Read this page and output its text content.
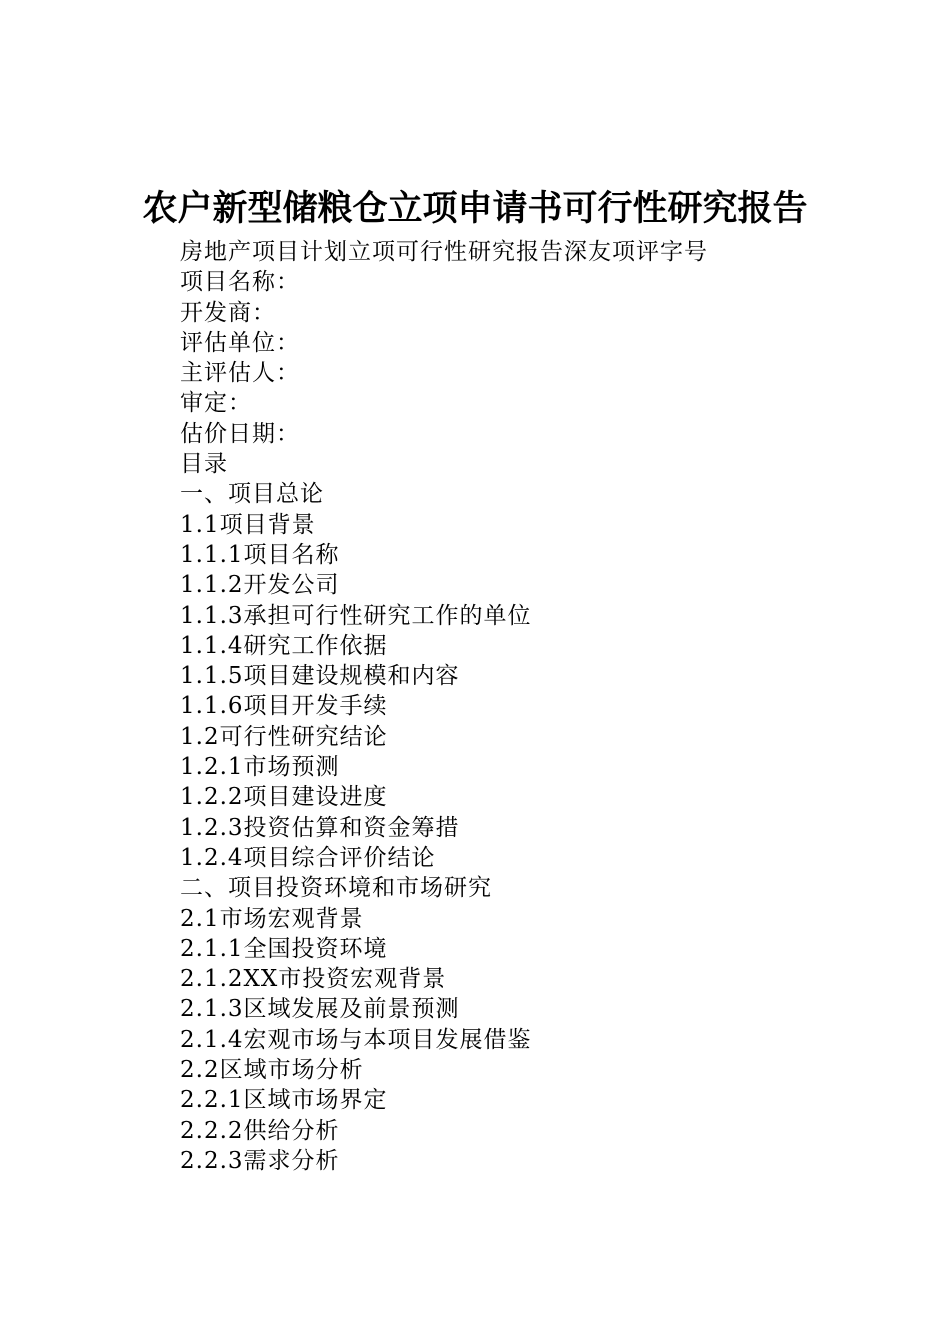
农户新型储粮仓立项申请书可行性研究报告
房地产项目计划立项可行性研究报告深友项评字号
项目名称：
开发商：
评估单位：
主评估人：
审定：
估价日期：
目录
一、项目总论
1.1项目背景
1.1.1项目名称
1.1.2开发公司
1.1.3承担可行性研究工作的单位
1.1.4研究工作依据
1.1.5项目建设规模和内容
1.1.6项目开发手续
1.2可行性研究结论
1.2.1市场预测
1.2.2项目建设进度
1.2.3投资估算和资金筹措
1.2.4项目综合评价结论
二、项目投资环境和市场研究
2.1市场宏观背景
2.1.1全国投资环境
2.1.2XX市投资宏观背景
2.1.3区域发展及前景预测
2.1.4宏观市场与本项目发展借鉴
2.2区域市场分析
2.2.1区域市场界定
2.2.2供给分析
2.2.3需求分析
